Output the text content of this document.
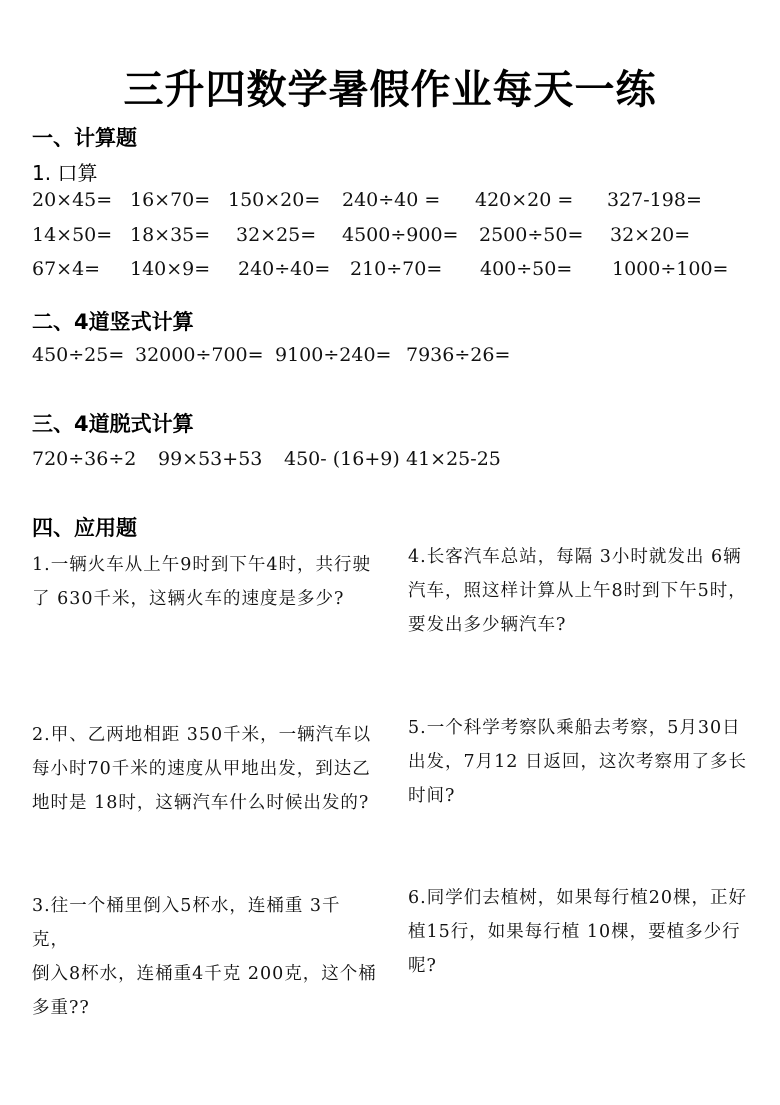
三升四数学暑假作业每天一练
一、计算题
1. 口算
20×45= 16×70= 150×20= 240÷40 = 420×20 = 327-198=
14×50= 18×35= 32×25= 4500÷900= 2500÷50= 32×20=
67×4= 140×9= 240÷40= 210÷70= 400÷50= 1000÷100=
二、4道竖式计算
450÷25= 32000÷700= 9100÷240= 7936÷26=
三、4道脱式计算
720÷36÷2 99×53+53 450- (16+9) 41×25-25
四、应用题
1.一辆火车从上午9时到下午4时，共行驶
了 630千米，这辆火车的速度是多少?
2.甲、乙两地相距 350千米，一辆汽车以
每小时70千米的速度从甲地出发，到达乙
地时是 18时，这辆汽车什么时候出发的?
3.往一个桶里倒入5杯水，连桶重 3千克，
倒入8杯水，连桶重4千克 200克，这个桶
多重??
4.长客汽车总站，每隔 3小时就发出 6辆
汽车，照这样计算从上午8时到下午5时，
要发出多少辆汽车?
5.一个科学考察队乘船去考察，5月30日
出发，7月12 日返回，这次考察用了多长
时间?
6.同学们去植树，如果每行植20棵，正好
植15行，如果每行植 10棵，要植多少行
呢?
